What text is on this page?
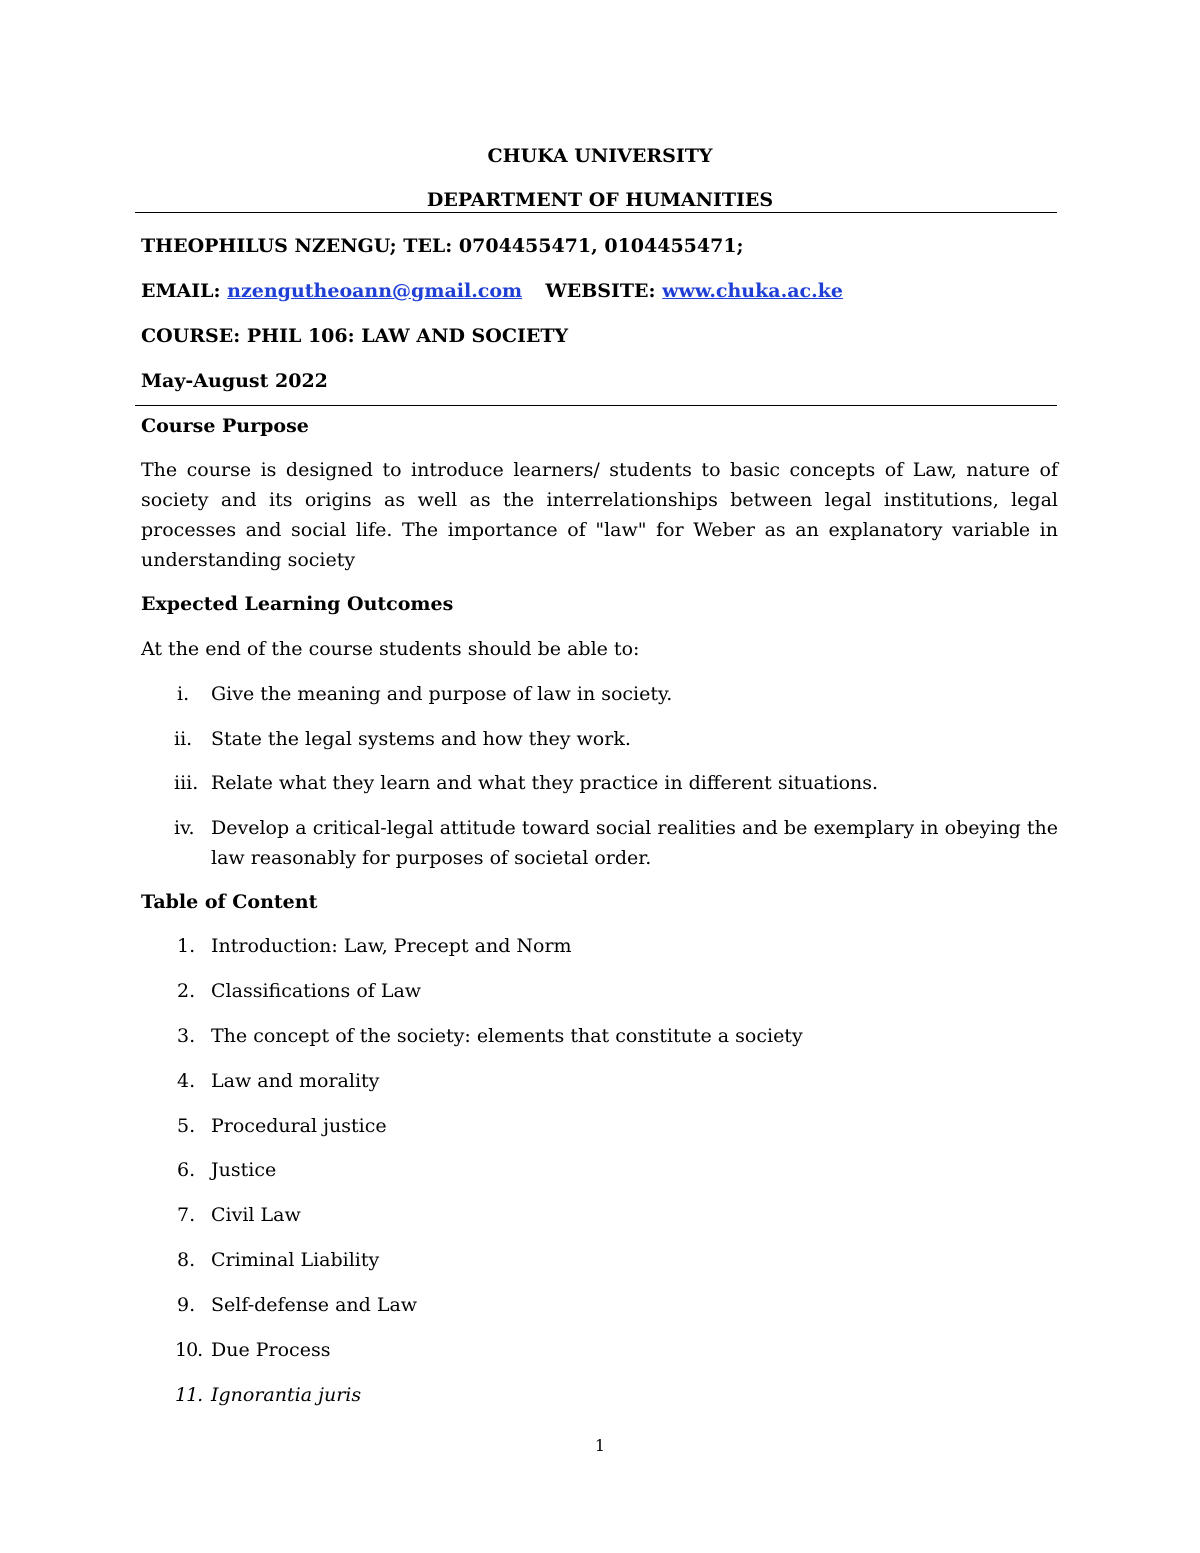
CHUKA UNIVERSITY
DEPARTMENT OF HUMANITIES
THEOPHILUS NZENGU; TEL: 0704455471, 0104455471;
EMAIL: nzengutheoann@gmail.com WEBSITE: www.chuka.ac.ke
COURSE: PHIL 106: LAW AND SOCIETY
May-August 2022
Course Purpose
The course is designed to introduce learners/ students to basic concepts of Law, nature of society and its origins as well as the interrelationships between legal institutions, legal processes and social life. The importance of "law" for Weber as an explanatory variable in understanding society
Expected Learning Outcomes
At the end of the course students should be able to:
i. Give the meaning and purpose of law in society.
ii. State the legal systems and how they work.
iii. Relate what they learn and what they practice in different situations.
iv. Develop a critical-legal attitude toward social realities and be exemplary in obeying the law reasonably for purposes of societal order.
Table of Content
1. Introduction: Law, Precept and Norm
2. Classifications of Law
3. The concept of the society: elements that constitute a society
4. Law and morality
5. Procedural justice
6. Justice
7. Civil Law
8. Criminal Liability
9. Self-defense and Law
10. Due Process
11. Ignorantia juris
1
